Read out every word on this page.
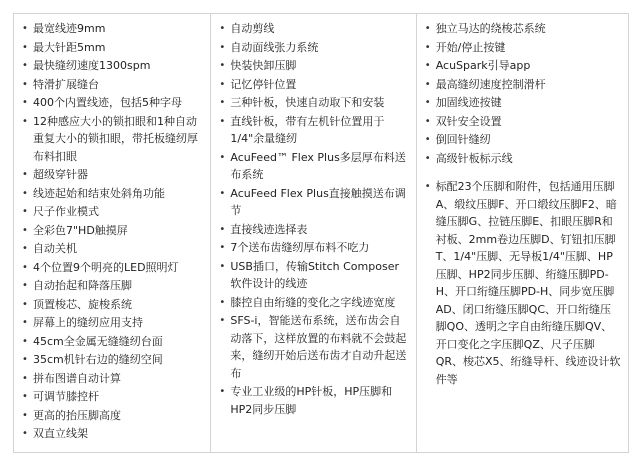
• 最宽线迹9mm
• 最大针距5mm
• 最快缝纫速度1300spm
• 特滑扩展缝台
• 400个内置线迹，包括5种字母
• 12种感应大小的锁扣眼和1种自动重复大小的锁扣眼，带托板缝纫厚布料扣眼
• 超级穿针器
• 线迹起始和结束处斜角功能
• 尺子作业模式
• 全彩色7"HD触摸屏
• 自动关机
• 4个位置9个明亮的LED照明灯
• 自动抬起和降落压脚
• 顶置梭芯、旋梭系统
• 屏幕上的缝纫应用支持
• 45cm全金属无缝缝纫台面
• 35cm机针右边的缝纫空间
• 拼布图谱自动计算
• 可调节膝控杆
• 更高的抬压脚高度
• 双直立线架
• 自动剪线
• 自动面线张力系统
• 快装快卸压脚
• 记忆停针位置
• 三种针板，快速自动取下和安装
• 直线针板，带有左机针位置用于1/4"余量缝纫
• AcuFeed™ Flex Plus多层厚布料送布系统
• AcuFeed Flex Plus直接触摸送布调节
• 直接线迹选择表
• 7个送布齿缝纫厚布料不吃力
• USB插口，传输Stitch Composer软件设计的线迹
• 膝控自由绗缝的变化之字线迹宽度
• SFS-i，智能送布系统，送布齿会自动落下，这样放置的布料就不会鼓起来，缝纫开始后送布齿才自动升起送布
• 专业工业级的HP针板，HP压脚和HP2同步压脚
• 独立马达的绕梭芯系统
• 开始/停止按键
• AcuSpark引导app
• 最高缝纫速度控制滑杆
• 加固线迹按键
• 双针安全设置
• 倒回针缝纫
• 高级针板标示线
• 标配23个压脚和附件，包括通用压脚A、缎纹压脚F、开口缎纹压脚F2、暗缝压脚G、拉链压脚E、扣眼压脚R和衬板、2mm卷边压脚D、钉钮扣压脚T、1/4"压脚、无导板1/4"压脚、HP压脚、HP2同步压脚、绗缝压脚PD-H、开口绗缝压脚PD-H、同步宽压脚AD、闭口绗缝压脚QC、开口绗缝压脚QO、透明之字自由绗缝压脚QV、开口变化之字压脚QZ、尺子压脚QR、梭芯X5、绗缝导杆、线迹设计软件等
